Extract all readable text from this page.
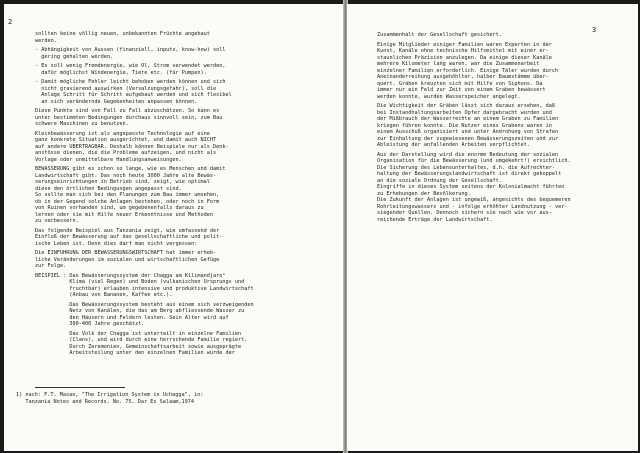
2
sollten keine völlig neuen, unbekannten Früchte angebaut
werden.
- Abhängigkeit von Aussen (finanziell, inputs, know-how) soll
gering gehalten werden.
- Es soll wenig Fremdenergie, wie Öl, Strom verwendet werden,
dafür möglichst Windenergie, Tiere etc. (für Pumpen).
- Damit mögliche Fehler leicht behoben werden können und sich
nicht gravierend auswirken (Versalzungsgefahr), soll die
Anlage Schritt für Schritt aufgebaut werden und sich flexibel
an sich verändernde Gegebenheiten anpassen können.
Diese Punkte sind von Fall zu Fall abzuschätzen. So kann es
unter bestimmten Bedingungen durchaus sinnvoll sein, zum Bau
schwere Maschinen zu benutzen.
Kleinbewässerung ist als angepasste Technologie auf eine
ganz konkrete Situation ausgerichtet, und damit auch NICHT
auf andere ÜBERTRAGBAR. Deshalb können Beispiele nur als Denk-
anstösse dienen, die die Probleme aufzeigen, und nicht als
Vorlage oder unmittelbare Handlungsanweisungen.
BEWÄSSERUNG gibt es schon so lange, wie es Menschen und damit
Landwirtschaft gibt. Das noch heute 3000 Jahre alte Bewäs-
serungseinrichtungen in Betrieb sind, zeigt, wie optimal
diese den örtlichen Bedingungen angepasst sind.
So sollte man sich bei den Planungen zum Bau immer umsehen,
ob in der Gegend solche Anlagen bestehen, oder noch in Form
von Ruinen vorhanden sind, um gegebenenfalls daraus zu
lernen oder sie mit Hilfe neuer Erkenntnisse und Methoden
zu verbessern.
Das folgende Beispiel aus Tanzania zeigt, wie umfassend der
Einfluß der Bewässerung auf das gesellschaftliche und polit-
ische Leben ist. Denn dies darf man nicht vergessen:
Die EINFÜHRUNG DER BEWÄSSERUNGSWIRTSCHAFT hat immer erheb-
liche Veränderungen im sozialen und wirtschaftlichen Gefüge
zur Folge.
BEISPIEL : Das Bewässerungssystem der Chagga am Kilimandjaro¹
Klima (viel Regen) und Boden (vulkanischen Ursprungs und
fruchtbar) erlauben intensive und produktive Landwirtschaft
(Anbau von Bananen, Kaffee etc.).
Das Bewässerungssystem besteht aus einem sich verzweigenden
Netz von Kanälen, die das am Berg abfliessende Wasser zu
den Häusern und Feldern leiten. Sein Alter wird auf
300-400 Jahre geschätzt.
Das Volk der Chagga ist unterteilt in einzelne Familien
(Clans), und wird durch eine herrschende Familie regiert.
Durch Zeremonien, Gemeinschaftsarbeit sowie ausgeprägte
Arbeitsteilung unter den einzelnen Familien wurde der
1) nach: F.T. Masao, "The Irrigation System in Uchagga", in:
Tanzania Notes and Records, No. 75, Dar Es Salaam,1974
3
Zusammenhalt der Gesellschaft gesichert.
Einige Mitglieder einiger Familien waren Experten in der
Kunst, Kanäle ohne technische Hilfsmittel mit einer er-
staunlichen Präzision anzulegen. Da einige dieser Kanäle
mehrere Kilometer lang waren, war die Zusammenarbeit
einzelner Familien erforderlich. Einige Täler wurden durch
Aneinanderreihung ausgehöhlter, halber Baumstämme über-
quert. Gräben kreuzten sich mit Hilfe von Siphons. Da
immer nur ein Feld zur Zeit von einem Graben bewässert
werden konnte, wurden Wasserspeicher angelegt.
Die Wichtigkeit der Gräben lässt sich daraus ersehen, daß
bei Instandhaltungsarbeiten Opfer dargebracht wurden und
der Mißbrauch der Wasserrechte an einem Graben zu Familien
kriegen führen konnte. Die Nutzer eines Grabens waren in
einem Ausschuß organisiert und unter Androhung von Strafen
zur Einhaltung der zugewiesenen Bewässerungszeiten und zur
Ableistung der anfallenden Arbeiten verpflichtet.
Aus der Darstellung wird die enorme Bedeutung der sozialen
Organisation für die Bewässerung (und umgekehrt!) ersichtlich.
Die Sicherung des Lebensunterhaltes, d.h. die Aufrechter-
haltung der Bewässerungslandwirtschaft ist direkt gekoppelt
an die soziale Ordnung der Gesellschaft.
Eingriffe in dieses System seitens der Kolonialmacht führten
zu Erhebungen der Bevölkerung.
Die Zukunft der Anlagen ist ungewiß, angesichts des bequemeren
Rohrleitungswassers und - infolge erhöhter Landnutzung - ver-
siegender Quellen. Dennoch sichern sie nach wie vor aus-
reichende Erträge der Landwirtschaft.
